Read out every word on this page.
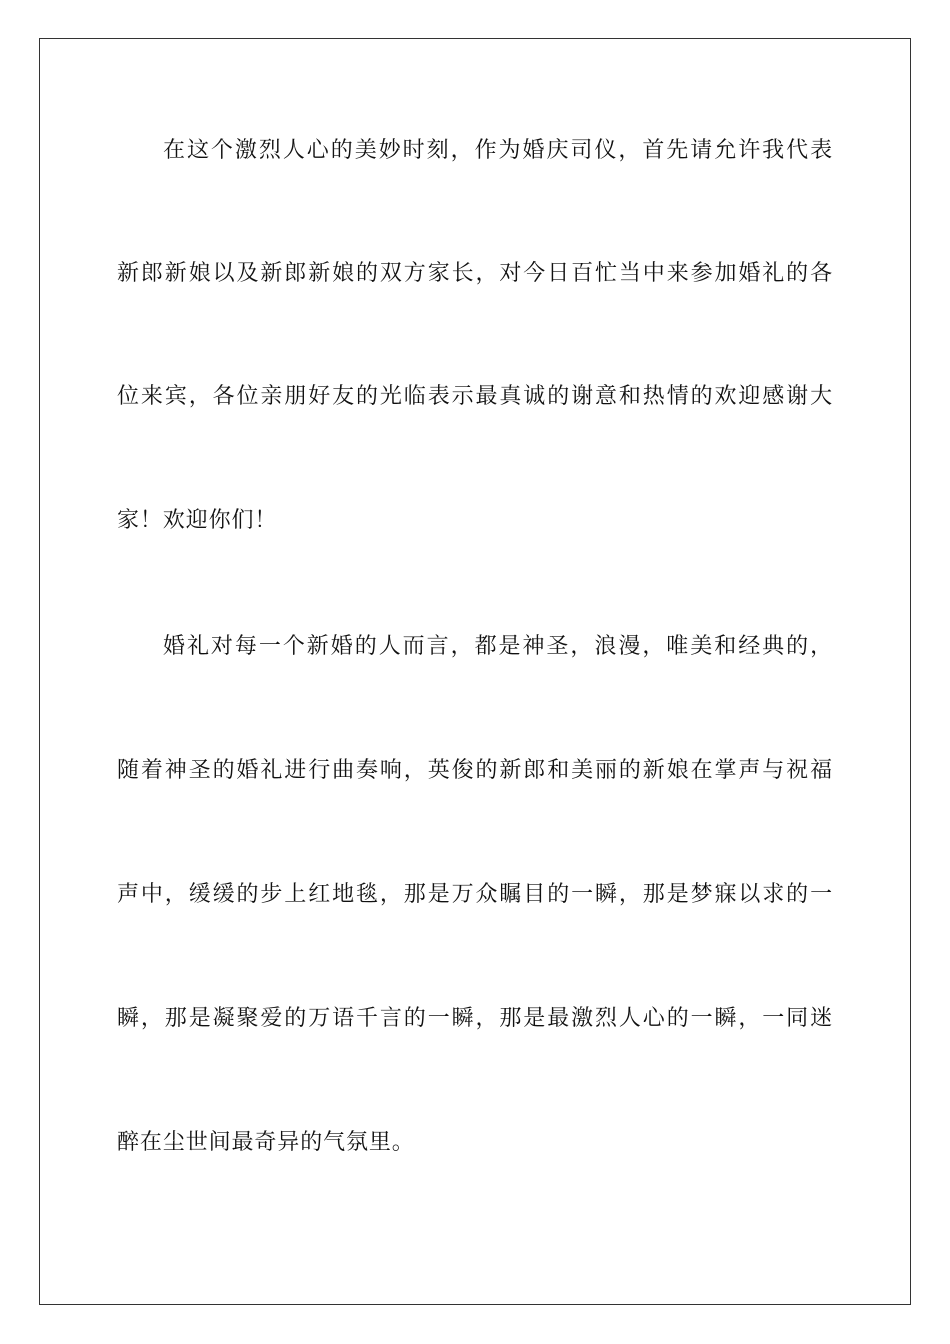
在这个激烈人心的美妙时刻，作为婚庆司仪，首先请允许我代表
新郎新娘以及新郎新娘的双方家长，对今日百忙当中来参加婚礼的各
位来宾，各位亲朋好友的光临表示最真诚的谢意和热情的欢迎感谢大
家！欢迎你们！
婚礼对每一个新婚的人而言，都是神圣，浪漫，唯美和经典的，
随着神圣的婚礼进行曲奏响，英俊的新郎和美丽的新娘在掌声与祝福
声中，缓缓的步上红地毯，那是万众瞩目的一瞬，那是梦寐以求的一
瞬，那是凝聚爱的万语千言的一瞬，那是最激烈人心的一瞬，一同迷
醉在尘世间最奇异的气氛里。
